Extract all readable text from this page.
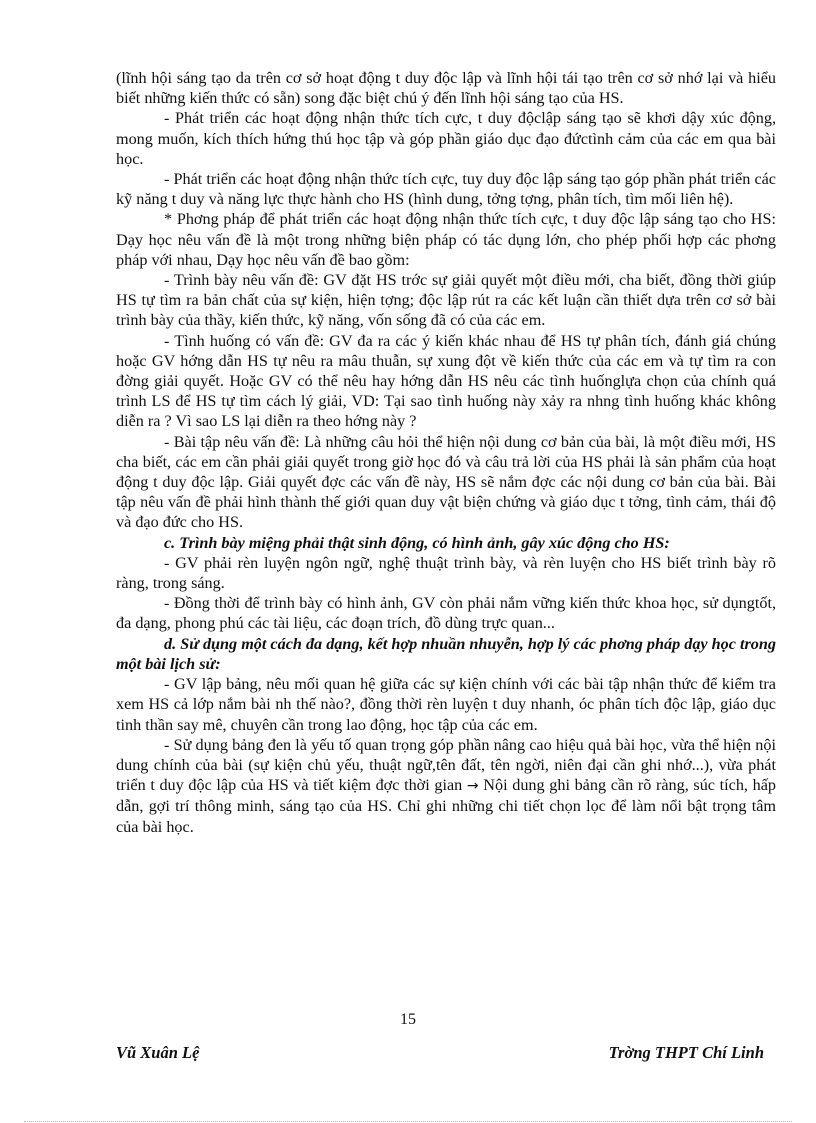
(lĩnh hội sáng tạo da trên cơ sở hoạt động t duy độc lập và lĩnh hội tái tạo trên cơ sở nhớ lại và hiểu biết những kiến thức có sẵn) song đặc biệt chú ý đến lĩnh hội sáng tạo của HS.

- Phát triển các hoạt động nhận thức tích cực, t duy độclập sáng tạo sẽ khơi dậy xúc động, mong muốn, kích thích hứng thú học tập và góp phần giáo dục đạo đứctình cảm của các em qua bài học.

- Phát triển các hoạt động nhận thức tích cực, tuy duy độc lập sáng tạo góp phần phát triển các kỹ năng t duy và năng lực thực hành cho HS (hình dung, tởng tợng, phân tích, tìm mối liên hệ).

* Phơng pháp để phát triển các hoạt động nhận thức tích cực, t duy độc lập sáng tạo cho HS: Dạy học nêu vấn đề là một trong những biện pháp có tác dụng lớn, cho phép phối hợp các phơng pháp với nhau, Dạy học nêu vấn đề bao gồm:

- Trình bày nêu vấn đề: GV đặt HS trớc sự giải quyết một điều mới, cha biết, đồng thời giúp HS tự tìm ra bản chất của sự kiện, hiện tợng; độc lập rút ra các kết luận cần thiết dựa trên cơ sở bài trình bày của thầy, kiến thức, kỹ năng, vốn sống đã có của các em.

- Tình huống có vấn đề: GV đa ra các ý kiến khác nhau để HS tự phân tích, đánh giá chúng hoặc GV hớng dẫn HS tự nêu ra mâu thuẫn, sự xung đột về kiến thức của các em và tự tìm ra con đờng giải quyết. Hoặc GV có thể nêu hay hớng dẫn HS nêu các tình huốnglựa chọn của chính quá trình LS để HS tự tìm cách lý giải, VD: Tại sao tình huống này xảy ra nhng tình huống khác không diễn ra ? Vì sao LS lại diễn ra theo hớng này ?

- Bài tập nêu vấn đề: Là những câu hỏi thể hiện nội dung cơ bản của bài, là một điều mới, HS cha biết, các em cần phải giải quyết trong giờ học đó và câu trả lời của HS phải là sản phẩm của hoạt động t duy độc lập. Giải quyết đợc các vấn đề này, HS sẽ nắm đợc các nội dung cơ bản của bài. Bài tập nêu vấn đề phải hình thành thế giới quan duy vật biện chứng và giáo dục t tởng, tình cảm, thái độ và đạo đức cho HS.

c. Trình bày miệng phải thật sinh động, có hình ảnh, gây xúc động cho HS:

- GV phải rèn luyện ngôn ngữ, nghệ thuật trình bày, và rèn luyện cho HS biết trình bày rõ ràng, trong sáng.

- Đồng thời để trình bày có hình ảnh, GV còn phải nắm vững kiến thức khoa học, sử dụngtốt, đa dạng, phong phú các tài liệu, các đoạn trích, đồ dùng trực quan...

d. Sử dụng một cách đa dạng, kết hợp nhuần nhuyễn, hợp lý các phơng pháp dạy học trong một bài lịch sử:

- GV lập bảng, nêu mối quan hệ giữa các sự kiện chính với các bài tập nhận thức để kiểm tra xem HS cả lớp nắm bài nh thế nào?, đồng thời rèn luyện t duy nhanh, óc phân tích độc lập, giáo dục tinh thần say mê, chuyên cần trong lao động, học tập của các em.

- Sử dụng bảng đen là yếu tố quan trọng góp phần nâng cao hiệu quả bài học, vừa thể hiện nội dung chính của bài (sự kiện chủ yếu, thuật ngữ,tên đất, tên ngời, niên đại cần ghi nhớ...), vừa phát triển t duy độc lập của HS và tiết kiệm đợc thời gian → Nội dung ghi bảng cần rõ ràng, súc tích, hấp dẫn, gợi trí thông minh, sáng tạo của HS. Chỉ ghi những chi tiết chọn lọc để làm nổi bật trọng tâm của bài học.

15
Vũ Xuân Lệ	Trờng THPT Chí Linh
